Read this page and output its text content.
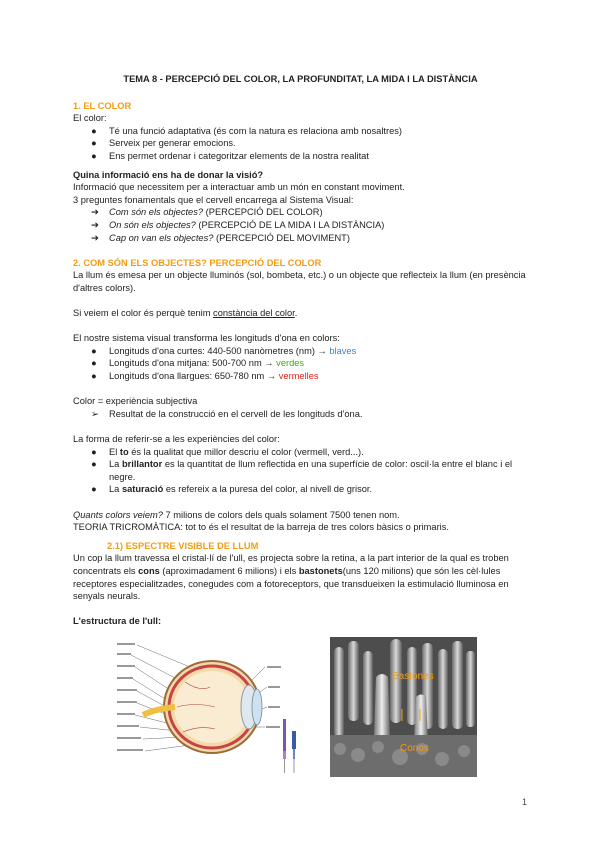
TEMA 8 - PERCEPCIÓ DEL COLOR, LA PROFUNDITAT, LA MIDA I LA DISTÀNCIA

1. EL COLOR

El color:

●	Té una funció adaptativa (és com la natura es relaciona amb nosaltres)
●	Serveix per generar emocions.
●	Ens permet ordenar i categoritzar elements de la nostra realitat

Quina informació ens ha de donar la visió?

Informació que necessitem per a interactuar amb un món en constant moviment.

3 preguntes fonamentals que el cervell encarrega al Sistema Visual:

➔	Com són els objectes? (PERCEPCIÓ DEL COLOR)
➔	On són els objectes? (PERCEPCIÓ DE LA MIDA I LA DISTÀNCIA)
➔	Cap on van els objectes? (PERCEPCIÓ DEL MOVIMENT)

2. COM SÓN ELS OBJECTES? PERCEPCIÓ DEL COLOR

La llum és emesa per un objecte lluminós (sol, bombeta, etc.) o un objecte que reflecteix la llum (en presència d'altres colors).

Si veiem el color és perquè tenim constància del color.

El nostre sistema visual transforma les longituds d'ona en colors:

●	Longituds d'ona curtes: 440-500 nanòmetres (nm) → blaves
●	Longituds d'ona mitjana: 500-700 nm → verdes
●	Longituds d'ona llargues: 650-780 nm → vermelles

Color = experiència subjectiva

➢	Resultat de la construcció en el cervell de les longituds d'ona.

La forma de referir-se a les experiències del color:

●	El to és la qualitat que millor descriu el color (vermell, verd...).
●	La brillantor es la quantitat de llum reflectida en una superfície de color: oscil·la entre el blanc i el negre.
●	La saturació es refereix a la puresa del color, al nivell de grisor.

Quants colors veiem? 7 milions de colors dels quals solament 7500 tenen nom.

TEORIA TRICROMÀTICA: tot to és el resultat de la barreja de tres colors bàsics o primaris.

2.1) ESPECTRE VISIBLE DE LLUM

Un cop la llum travessa el cristal·lí de l'ull, es projecta sobre la retina, a la part interior de la qual es troben concentrats els cons (aproximadament 6 milions) i els bastonets(uns 120 milions) que són les cèl·lules receptores especialitzades, conegudes com a fotoreceptors, que transdueixen la estimulació lluminosa en senyals neurals.

L'estructura de l'ull:

Bastones
Conos
1
